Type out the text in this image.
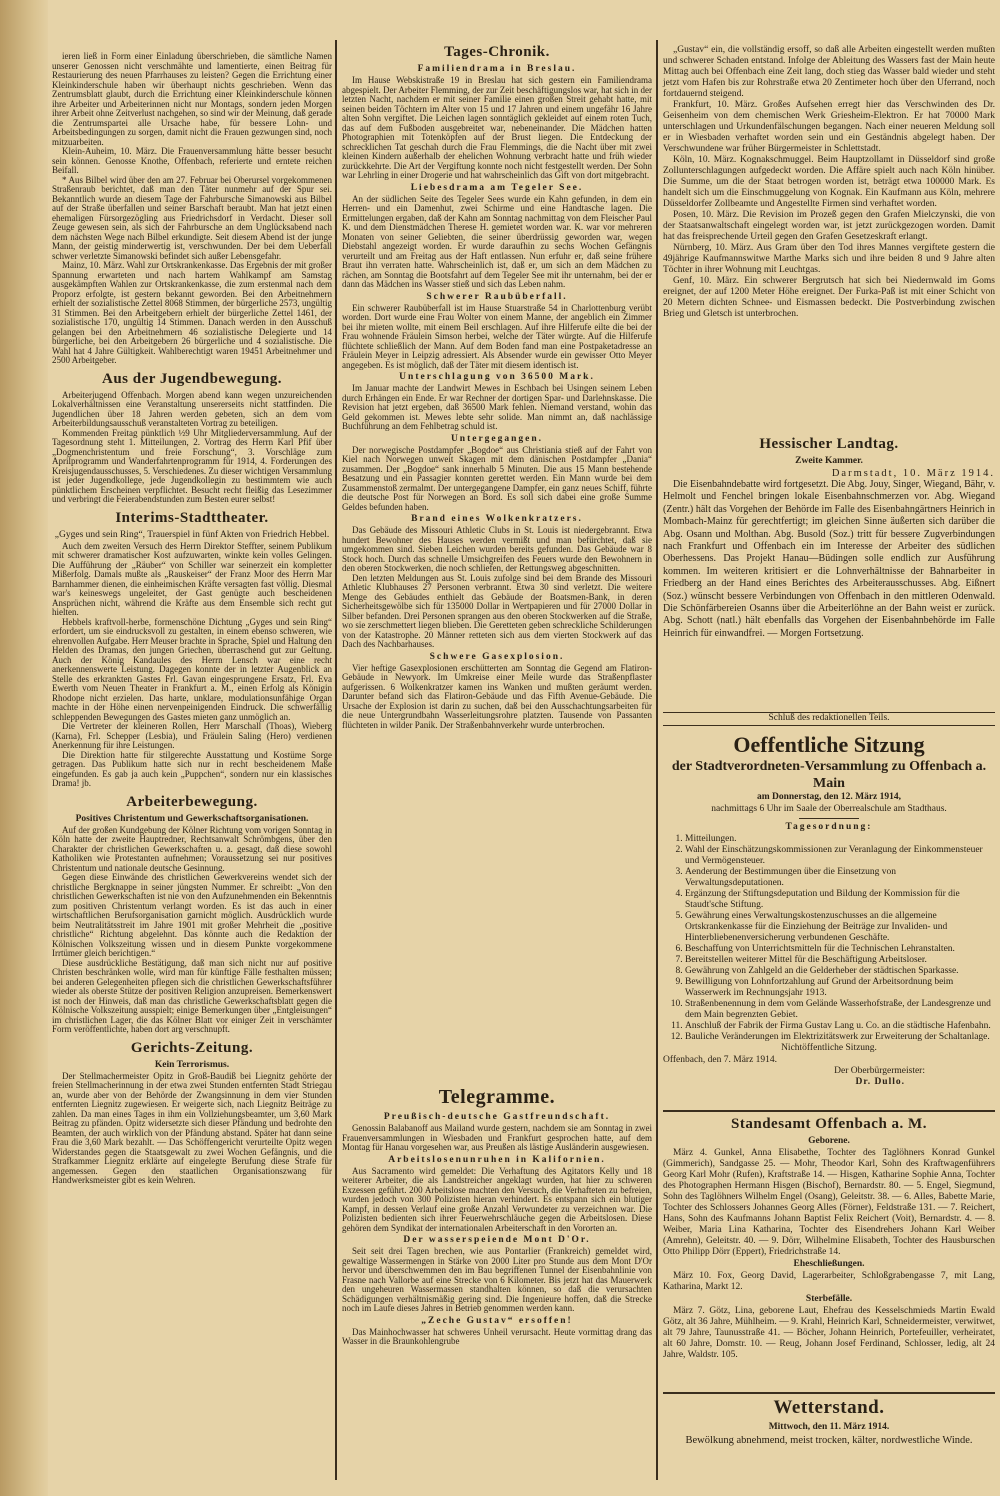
ieren ließ in Form einer Einladung überschrieben, die sämtliche Namen unserer Genossen nicht verschmähte und lamentierte, einen Beitrag für Restaurierung des neuen Pfarrhauses zu leisten? Gegen die Errichtung einer Kleinkinderschule haben wir überhaupt nichts geschrieben. Wenn das Zentrumsblatt glaubt, durch die Errichtung einer Kleinkinderschule können ihre Arbeiter und Arbeiterinnen nicht nur Montags, sondern jeden Morgen ihrer Arbeit ohne Zeitverlust nachgehen, so sind wir der Meinung, daß gerade die Zentrumspartei alle Ursache habe, für bessere Lohn- und Arbeitsbedingungen zu sorgen, damit nicht die Frauen gezwungen sind, noch mitzuarbeiten.

Klein-Auheim, 10. März. Die Frauenversammlung hätte besser besucht sein können. Genosse Knothe, Offenbach, referierte und erntete reichen Beifall.

* Aus Bilbel wird über den am 27. Februar bei Oberursel vorgekommenen Straßenraub berichtet, daß man den Täter nunmehr auf der Spur sei. Bekanntlich wurde an diesem Tage der Fahrbursche Simanowski aus Bilbel auf der Straße überfallen und seiner Barschaft beraubt. Man hat jetzt einen ehemaligen Fürsorgezögling aus Friedrichsdorf in Verdacht. Dieser soll Zeuge gewesen sein, als sich der Fahrbursche an dem Unglücksabend nach dem nächsten Wege nach Bilbel erkundigte. Seit diesem Abend ist der junge Mann, der geistig minderwertig ist, verschwunden. Der bei dem Ueberfall schwer verletzte Simanowski befindet sich außer Lebensgefahr.

Mainz, 10. März. Wahl zur Ortskrankenkasse. Das Ergebnis der mit großer Spannung erwarteten und nach hartem Wahlkampf am Samstag ausgekämpften Wahlen zur Ortskrankenkasse, die zum erstenmal nach dem Proporz erfolgte, ist gestern bekannt geworden. Bei den Arbeitnehmern erhielt der sozialistische Zettel 8068 Stimmen, der bürgerliche 2573, ungültig 31 Stimmen. Bei den Arbeitgebern erhielt der bürgerliche Zettel 1461, der sozialistische 170, ungültig 14 Stimmen. Danach werden in den Ausschuß gelangen bei den Arbeitnehmern 46 sozialistische Delegierte und 14 bürgerliche, bei den Arbeitgebern 26 bürgerliche und 4 sozialistische. Die Wahl hat 4 Jahre Gültigkeit. Wahlberechtigt waren 19451 Arbeitnehmer und 2500 Arbeitgeber.

Aus der Jugendbewegung.

Arbeiterjugend Offenbach. Morgen abend kann wegen unzureichenden Lokalverhältnissen eine Veranstaltung unsererseits nicht stattfinden. Die Jugendlichen über 18 Jahren werden gebeten, sich an dem vom Arbeiterbildungsausschuß veranstalteten Vortrag zu beteiligen.

Kommenden Freitag pünktlich ½9 Uhr Mitgliederversammlung. Auf der Tagesordnung steht 1. Mitteilungen, 2. Vortrag des Herrn Karl Pfif über „Dogmenchristentum und freie Forschung“, 3. Vorschläge zum Aprilprogramm und Wanderfahrtenprogramm für 1914, 4. Forderungen des Kreisjugendausschusses, 5. Verschiedenes. Zu dieser wichtigen Versammlung ist jeder Jugendkollege, jede Jugendkollegin zu bestimmtem wie auch pünktlichem Erscheinen verpflichtet. Besucht recht fleißig das Lesezimmer und verbringt die Feierabendstunden zum Besten eurer selbst!

Interims-Stadttheater.
„Gyges und sein Ring“, Trauerspiel in fünf Akten von Friedrich Hebbel.

Auch dem zweiten Versuch des Herrn Direktor Steffter, seinem Publikum mit schwerer dramatischer Kost aufzuwarten, winkte kein volles Gelingen. Die Aufführung der „Räuber“ von Schiller war seinerzeit ein kompletter Mißerfolg. Damals mußte als „Rauskeiser“ der Franz Moor des Herrn Mar Barnhammer dienen, die einheimischen Kräfte versagten fast völlig. Diesmal war's keineswegs ungeleitet, der Gast genügte auch bescheidenen Ansprüchen nicht, während die Kräfte aus dem Ensemble sich recht gut hielten.

Hebbels kraftvoll-herbe, formenschöne Dichtung „Gyges und sein Ring“ erfordert, um sie eindrucksvoll zu gestalten, in einem ebenso schweren, wie ehrenvollen Aufgabe. Herr Meuser brachte in Sprache, Spiel und Haltung den Helden des Dramas, den jungen Griechen, überraschend gut zur Geltung. Auch der König Kandaules des Herrn Lensch war eine recht anerkennenswerte Leistung. Dagegen konnte der in letzter Augenblick an Stelle des erkrankten Gastes Frl. Gavan eingesprungene Ersatz, Frl. Eva Ewerth vom Neuen Theater in Frankfurt a. M., einen Erfolg als Königin Rhodope nicht erzielen. Das harte, unklare, modulationsunfähige Organ machte in der Höhe einen nervenpeinigenden Eindruck. Die schwerfällig schleppenden Bewegungen des Gastes mieten ganz unmöglich an.

Die Vertreter der kleineren Rollen, Herr Marschall (Thoas), Wieberg (Karna), Frl. Schepper (Lesbia), und Fräulein Saling (Hero) verdienen Anerkennung für ihre Leistungen.

Die Direktion hatte für stilgerechte Ausstattung und Kostüme Sorge getragen. Das Publikum hatte sich nur in recht bescheidenem Maße eingefunden. Es gab ja auch kein „Puppchen“, sondern nur ein klassisches Drama! jb.

Arbeiterbewegung.
Positives Christentum und Gewerkschaftsorganisationen.

Auf der großen Kundgebung der Kölner Richtung vom vorigen Sonntag in Köln hatte der zweite Hauptredner, Rechtsanwalt Schrömbgens, über den Charakter der christlichen Gewerkschaften u. a. gesagt, daß diese sowohl Katholiken wie Protestanten aufnehmen; Voraussetzung sei nur positives Christentum und nationale deutsche Gesinnung.

Gegen diese Einwände des christlichen Gewerkvereins wendet sich der christliche Bergknappe in seiner jüngsten Nummer. Er schreibt: „Von den christlichen Gewerkschaften ist nie von den Aufzunehmenden ein Bekenntnis zum positiven Christentum verlangt worden. Es ist das auch in einer wirtschaftlichen Berufsorganisation garnicht möglich. Ausdrücklich wurde beim Neutralitätsstreit im Jahre 1901 mit großer Mehrheit die „positive christliche“ Richtung abgelehnt. Das könnte auch die Redaktion der Kölnischen Volkszeitung wissen und in diesem Punkte vorgekommene Irrtümer gleich berichtigen.“

Diese ausdrückliche Bestätigung, daß man sich nicht nur auf positive Christen beschränken wolle, wird man für künftige Fälle festhalten müssen; bei anderen Gelegenheiten pflegen sich die christlichen Gewerkschaftsführer wieder als oberste Stütze der positiven Religion anzupreisen. Bemerkenswert ist noch der Hinweis, daß man das christliche Gewerkschaftsblatt gegen die Kölnische Volkszeitung ausspielt; einige Bemerkungen über „Entgleisungen“ im christlichen Lager, die das Kölner Blatt vor einiger Zeit in verschämter Form veröffentlichte, haben dort arg verschnupft.

Gerichts-Zeitung.
Kein Terrorismus.

Der Stellmachermeister Opitz in Groß-Baudiß bei Liegnitz gehörte der freien Stellmacherinnung in der etwa zwei Stunden entfernten Stadt Striegau an, wurde aber von der Behörde der Zwangsinnung in dem vier Stunden entfernten Liegnitz zugewiesen. Er weigerte sich, nach Liegnitz Beiträge zu zahlen. Da man eines Tages in ihm ein Vollziehungsbeamter, um 3,60 Mark Beitrag zu pfänden. Opitz widersetzte sich dieser Pfändung und bedrohte den Beamten, der auch wirklich von der Pfändung abstand. Später hat dann seine Frau die 3,60 Mark bezahlt. — Das Schöffengericht verurteilte Opitz wegen Widerstandes gegen die Staatsgewalt zu zwei Wochen Gefängnis, und die Strafkammer Liegnitz erklärte auf eingelegte Berufung diese Strafe für angemessen. Gegen den staatlichen Organisationszwang für Handwerksmeister gibt es kein Wehren.

Tages-Chronik.
Familiendrama in Breslau.

Im Hause Webskistraße 19 in Breslau hat sich gestern ein Familiendrama abgespielt. Der Arbeiter Flemming, der zur Zeit beschäftigungslos war, hat sich in der letzten Nacht, nachdem er mit seiner Familie einen großen Streit gehabt hatte, mit seinen beiden Töchtern im Alter von 15 und 17 Jahren und einem ungefähr 16 Jahre alten Sohn vergiftet. Die Leichen lagen sonntäglich gekleidet auf einem roten Tuch, das auf dem Fußboden ausgebreitet war, nebeneinander. Die Mädchen hatten Photographien mit Totenköpfen auf der Brust liegen. Die Entdeckung der schrecklichen Tat geschah durch die Frau Flemmings, die die Nacht über mit zwei kleinen Kindern außerhalb der ehelichen Wohnung verbracht hatte und früh wieder zurückkehrte. Die Art der Vergiftung konnte noch nicht festgestellt werden. Der Sohn war Lehrling in einer Drogerie und hat wahrscheinlich das Gift von dort mitgebracht.

Liebesdrama am Tegeler See.

An der südlichen Seite des Tegeler Sees wurde ein Kahn gefunden, in dem ein Herren- und ein Damenhut, zwei Schirme und eine Handtasche lagen. Die Ermittelungen ergaben, daß der Kahn am Sonntag nachmittag von dem Fleischer Paul K. und dem Dienstmädchen Therese H. gemietet worden war. K. war vor mehreren Monaten von seiner Geliebten, die seiner überdrüssig geworden war, wegen Diebstahl angezeigt worden. Er wurde daraufhin zu sechs Wochen Gefängnis verurteilt und am Freitag aus der Haft entlassen. Nun erfuhr er, daß seine frühere Braut ihn verraten hatte. Wahrscheinlich ist, daß er, um sich an dem Mädchen zu rächen, am Sonntag die Bootsfahrt auf dem Tegeler See mit ihr unternahm, bei der er dann das Mädchen ins Wasser stieß und sich das Leben nahm.

Schwerer Raubüberfall.

Ein schwerer Raubüberfall ist im Hause Stuarstraße 54 in Charlottenburg verübt worden. Dort wurde eine Frau Wolter von einem Manne, der angeblich ein Zimmer bei ihr mieten wollte, mit einem Beil erschlagen. Auf ihre Hilferufe eilte die bei der Frau wohnende Fräulein Simson herbei, welche der Täter würgte. Auf die Hilferufe flüchtete schließlich der Mann. Auf dem Boden fand man eine Postpaketadresse an Fräulein Meyer in Leipzig adressiert. Als Absender wurde ein gewisser Otto Meyer angegeben. Es ist möglich, daß der Täter mit diesem identisch ist.

Unterschlagung von 36500 Mark.

Im Januar machte der Landwirt Mewes in Eschbach bei Usingen seinem Leben durch Erhängen ein Ende. Er war Rechner der dortigen Spar- und Darlehnskasse. Die Revision hat jetzt ergeben, daß 36500 Mark fehlen. Niemand verstand, wohin das Geld gekommen ist. Mewes lebte sehr solide. Man nimmt an, daß nachlässige Buchführung an dem Fehlbetrag schuld ist.

Untergegangen.

Der norwegische Postdampfer „Bogdoe“ aus Christiania stieß auf der Fahrt von Kiel nach Norwegen unweit Skagen mit dem dänischen Postdampfer „Dania“ zusammen. Der „Bogdoe“ sank innerhalb 5 Minuten. Die aus 15 Mann bestehende Besatzung und ein Passagier konnten gerettet werden. Ein Mann wurde bei dem Zusammenstoß zermalmt. Der untergegangene Dampfer, ein ganz neues Schiff, führte die deutsche Post für Norwegen an Bord. Es soll sich dabei eine große Summe Geldes befunden haben.

Brand eines Wolkenkratzers.

Das Gebäude des Missouri Athletic Clubs in St. Louis ist niedergebrannt. Etwa hundert Bewohner des Hauses werden vermißt und man befürchtet, daß sie umgekommen sind. Sieben Leichen wurden bereits gefunden. Das Gebäude war 8 Stock hoch. Durch das schnelle Umsichgreifen des Feuers wurde den Bewohnern in den oberen Stockwerken, die noch schliefen, der Rettungsweg abgeschnitten.

Den letzten Meldungen aus St. Louis zufolge sind bei dem Brande des Missouri Athletic Klubhauses 27 Personen verbrannt. Etwa 30 sind verletzt. Die weitere Menge des Gebäudes enthielt das Gebäude der Boatsmen-Bank, in deren Sicherheitsgewölbe sich für 135000 Dollar in Wertpapieren und für 27000 Dollar in Silber befanden. Drei Personen sprangen aus den oberen Stockwerken auf die Straße, wo sie zerschmettert liegen blieben. Die Geretteten geben schreckliche Schilderungen von der Katastrophe. 20 Männer retteten sich aus dem vierten Stockwerk auf das Dach des Nachbarhauses.

Schwere Gasexplosion.

Vier heftige Gasexplosionen erschütterten am Sonntag die Gegend am Flatiron-Gebäude in Newyork. Im Umkreise einer Meile wurde das Straßenpflaster aufgerissen. 6 Wolkenkratzer kamen ins Wanken und mußten geräumt werden. Darunter befand sich das Flatiron-Gebäude und das Fifth Avenue-Gebäude. Die Ursache der Explosion ist darin zu suchen, daß bei den Ausschachtungsarbeiten für die neue Untergrundbahn Wasserleitungsrohre platzten. Tausende von Passanten flüchteten in wilder Panik. Der Straßenbahnverkehr wurde unterbrochen.

Telegramme.
Preußisch-deutsche Gastfreundschaft.

Genossin Balabanoff aus Mailand wurde gestern, nachdem sie am Sonntag in zwei Frauenversammlungen in Wiesbaden und Frankfurt gesprochen hatte, auf dem Montag für Hanau vorgesehen war, aus Preußen als lästige Ausländerin ausgewiesen.

Arbeitslosenunruhen in Kalifornien.

Aus Sacramento wird gemeldet: Die Verhaftung des Agitators Kelly und 18 weiterer Arbeiter, die als Landstreicher angeklagt wurden, hat hier zu schweren Exzessen geführt. 200 Arbeitslose machten den Versuch, die Verhafteten zu befreien, wurden jedoch von 300 Polizisten hieran verhindert. Es entspann sich ein blutiger Kampf, in dessen Verlauf eine große Anzahl Verwundeter zu verzeichnen war. Die Polizisten bedienten sich ihrer Feuerwehrschläuche gegen die Arbeitslosen. Diese gehören dem Syndikat der internationalen Arbeiterschaft in den Vororten an.

Der wasserspeiende Mont D'Or.

Seit seit drei Tagen brechen, wie aus Pontarlier (Frankreich) gemeldet wird, gewaltige Wassermengen in Stärke von 2000 Liter pro Stunde aus dem Mont D'Or hervor und überschwemmen den im Bau begriffenen Tunnel der Eisenbahnlinie von Frasne nach Vallorbe auf eine Strecke von 6 Kilometer. Bis jetzt hat das Mauerwerk den ungeheuren Wassermassen standhalten können, so daß die verursachten Schädigungen verhältnismäßig gering sind. Die Ingenieure hoffen, daß die Strecke noch im Laufe dieses Jahres in Betrieb genommen werden kann.

„Zeche Gustav“ ersoffen!

Das Mainhochwasser hat schweres Unheil verursacht. Heute vormittag drang das Wasser in die Braunkohlengrube

„Gustav“ ein, die vollständig ersoff, so daß alle Arbeiten eingestellt werden mußten und schwerer Schaden entstand. Infolge der Ableitung des Wassers fast der Main heute Mittag auch bei Offenbach eine Zeit lang, doch stieg das Wasser bald wieder und steht jetzt vom Hafen bis zur Rohrstraße etwa 20 Zentimeter hoch über den Uferrand, noch fortdauernd steigend.

Frankfurt, 10. März. Großes Aufsehen erregt hier das Verschwinden des Dr. Geisenheim von dem chemischen Werk Griesheim-Elektron. Er hat 70000 Mark unterschlagen und Urkundenfälschungen begangen. Nach einer neueren Meldung soll er in Wiesbaden verhaftet worden sein und ein Geständnis abgelegt haben. Der Verschwundene war früher Bürgermeister in Schlettstadt.

Köln, 10. März. Kognakschmuggel. Beim Hauptzollamt in Düsseldorf sind große Zollunterschlagungen aufgedeckt worden. Die Affäre spielt auch nach Köln hinüber. Die Summe, um die der Staat betrogen worden ist, beträgt etwa 100000 Mark. Es handelt sich um die Einschmuggelung von Kognak. Ein Kaufmann aus Köln, mehrere Düsseldorfer Zollbeamte und Angestellte Firmen sind verhaftet worden.

Posen, 10. März. Die Revision im Prozeß gegen den Grafen Mielczynski, die von der Staatsanwaltschaft eingelegt worden war, ist jetzt zurückgezogen worden. Damit hat das freisprechende Urteil gegen den Grafen Gesetzeskraft erlangt.

Nürnberg, 10. März. Aus Gram über den Tod ihres Mannes vergiftete gestern die 49jährige Kaufmannswitwe Marthe Marks sich und ihre beiden 8 und 9 Jahre alten Töchter in ihrer Wohnung mit Leuchtgas.

Genf, 10. März. Ein schwerer Bergrutsch hat sich bei Niedernwald im Goms ereignet, der auf 1200 Meter Höhe ereignet. Der Furka-Paß ist mit einer Schicht von 20 Metern dichten Schnee- und Eismassen bedeckt. Die Postverbindung zwischen Brieg und Gletsch ist unterbrochen.

Hessischer Landtag.
Zweite Kammer.
Darmstadt, 10. März 1914.

Die Eisenbahndebatte wird fortgesetzt. Die Abg. Jouy, Singer, Wiegand, Bähr, v. Helmolt und Fenchel bringen lokale Eisenbahnschmerzen vor. Abg. Wiegand (Zentr.) hält das Vorgehen der Behörde im Falle des Eisenbahngärtners Heinrich in Mombach-Mainz für gerechtfertigt; im gleichen Sinne äußerten sich darüber die Abg. Osann und Molthan. Abg. Busold (Soz.) tritt für bessere Zugverbindungen nach Frankfurt und Offenbach ein im Interesse der Arbeiter des südlichen Oberhessens. Das Projekt Hanau—Büdingen solle endlich zur Ausführung kommen. Im weiteren kritisiert er die Lohnverhältnisse der Bahnarbeiter in Friedberg an der Hand eines Berichtes des Arbeiterausschusses. Abg. Eißnert (Soz.) wünscht bessere Verbindungen von Offenbach in den mittleren Odenwald. Die Schönfärbereien Osanns über die Arbeiterlöhne an der Bahn weist er zurück. Abg. Schott (natl.) hält ebenfalls das Vorgehen der Eisenbahnbehörde im Falle Heinrich für einwandfrei. — Morgen Fortsetzung.

Schluß des redaktionellen Teils.
Oeffentliche Sitzung
der Stadtverordneten-Versammlung zu Offenbach a. Main
am Donnerstag, den 12. März 1914,
nachmittags 6 Uhr im Saale der Oberrealschule am Stadthaus.
Tagesordnung:
1. Mitteilungen.
2. Wahl der Einschätzungskommissionen zur Veranlagung der Einkommensteuer und Vermögensteuer.
3. Aenderung der Bestimmungen über die Einsetzung von Verwaltungsdeputationen.
4. Ergänzung der Stiftungsdeputation und Bildung der Kommission für die Staudt'sche Stiftung.
5. Gewährung eines Verwaltungskostenzuschusses an die allgemeine Ortskrankenkasse für die Einziehung der Beiträge zur Invaliden- und Hinterbliebenenversicherung verbundenen Geschäfte.
6. Beschaffung von Unterrichtsmitteln für die Technischen Lehranstalten.
7. Bereitstellen weiterer Mittel für die Beschäftigung Arbeitsloser.
8. Gewährung von Zahlgeld an die Gelderheber der städtischen Sparkasse.
9. Bewilligung von Lohnfortzahlung auf Grund der Arbeitsordnung beim Wasserwerk im Rechnungsjahr 1913.
10. Straßenbenennung in dem vom Gelände Wasserhofstraße, der Landesgrenze und dem Main begrenzten Gebiet.
11. Anschluß der Fabrik der Firma Gustav Lang u. Co. an die städtische Hafenbahn.
12. Bauliche Veränderungen im Elektrizitätswerk zur Erweiterung der Schaltanlage.
Nichtöffentliche Sitzung.
Offenbach, den 7. März 1914.
Der Oberbürgermeister:
Dr. Dullo.
Standesamt Offenbach a. M.
Geborene.

März 4. Gunkel, Anna Elisabethe, Tochter des Taglöhners Konrad Gunkel (Gimmerich), Sandgasse 25. — Mohr, Theodor Karl, Sohn des Kraftwagenführers Georg Karl Mohr (Rufen), Kraftstraße 14. — Hisgen, Katharine Sophie Anna, Tochter des Photographen Hermann Hisgen (Bischof), Bernardstr. 80. — 5. Engel, Siegmund, Sohn des Taglöhners Wilhelm Engel (Osang), Geleitstr. 38. — 6. Alles, Babette Marie, Tochter des Schlossers Johannes Georg Alles (Förner), Feldstraße 131. — 7. Reichert, Hans, Sohn des Kaufmanns Johann Baptist Felix Reichert (Voit), Bernardstr. 4. — 8. Weiber, Maria Lina Katharina, Tochter des Eisendrehers Johann Karl Weiber (Amrehn), Geleitstr. 40. — 9. Dörr, Wilhelmine Elisabeth, Tochter des Hausburschen Otto Philipp Dörr (Eppert), Friedrichstraße 14.

Eheschließungen.

März 10. Fox, Georg David, Lagerarbeiter, Schloßgrabengasse 7, mit Lang, Katharina, Markt 12.

Sterbefälle.

März 7. Götz, Lina, geborene Laut, Ehefrau des Kesselschmieds Martin Ewald Götz, alt 36 Jahre, Mühlheim. — 9. Krahl, Heinrich Karl, Schneidermeister, verwitwet, alt 79 Jahre, Taunusstraße 41. — Böcher, Johann Heinrich, Portefeuiller, verheiratet, alt 60 Jahre, Domstr. 10. — Reug, Johann Josef Ferdinand, Schlosser, ledig, alt 24 Jahre, Waldstr. 105.

Wetterstand.
Mittwoch, den 11. März 1914.
Bewölkung abnehmend, meist trocken, kälter, nordwestliche Winde.
